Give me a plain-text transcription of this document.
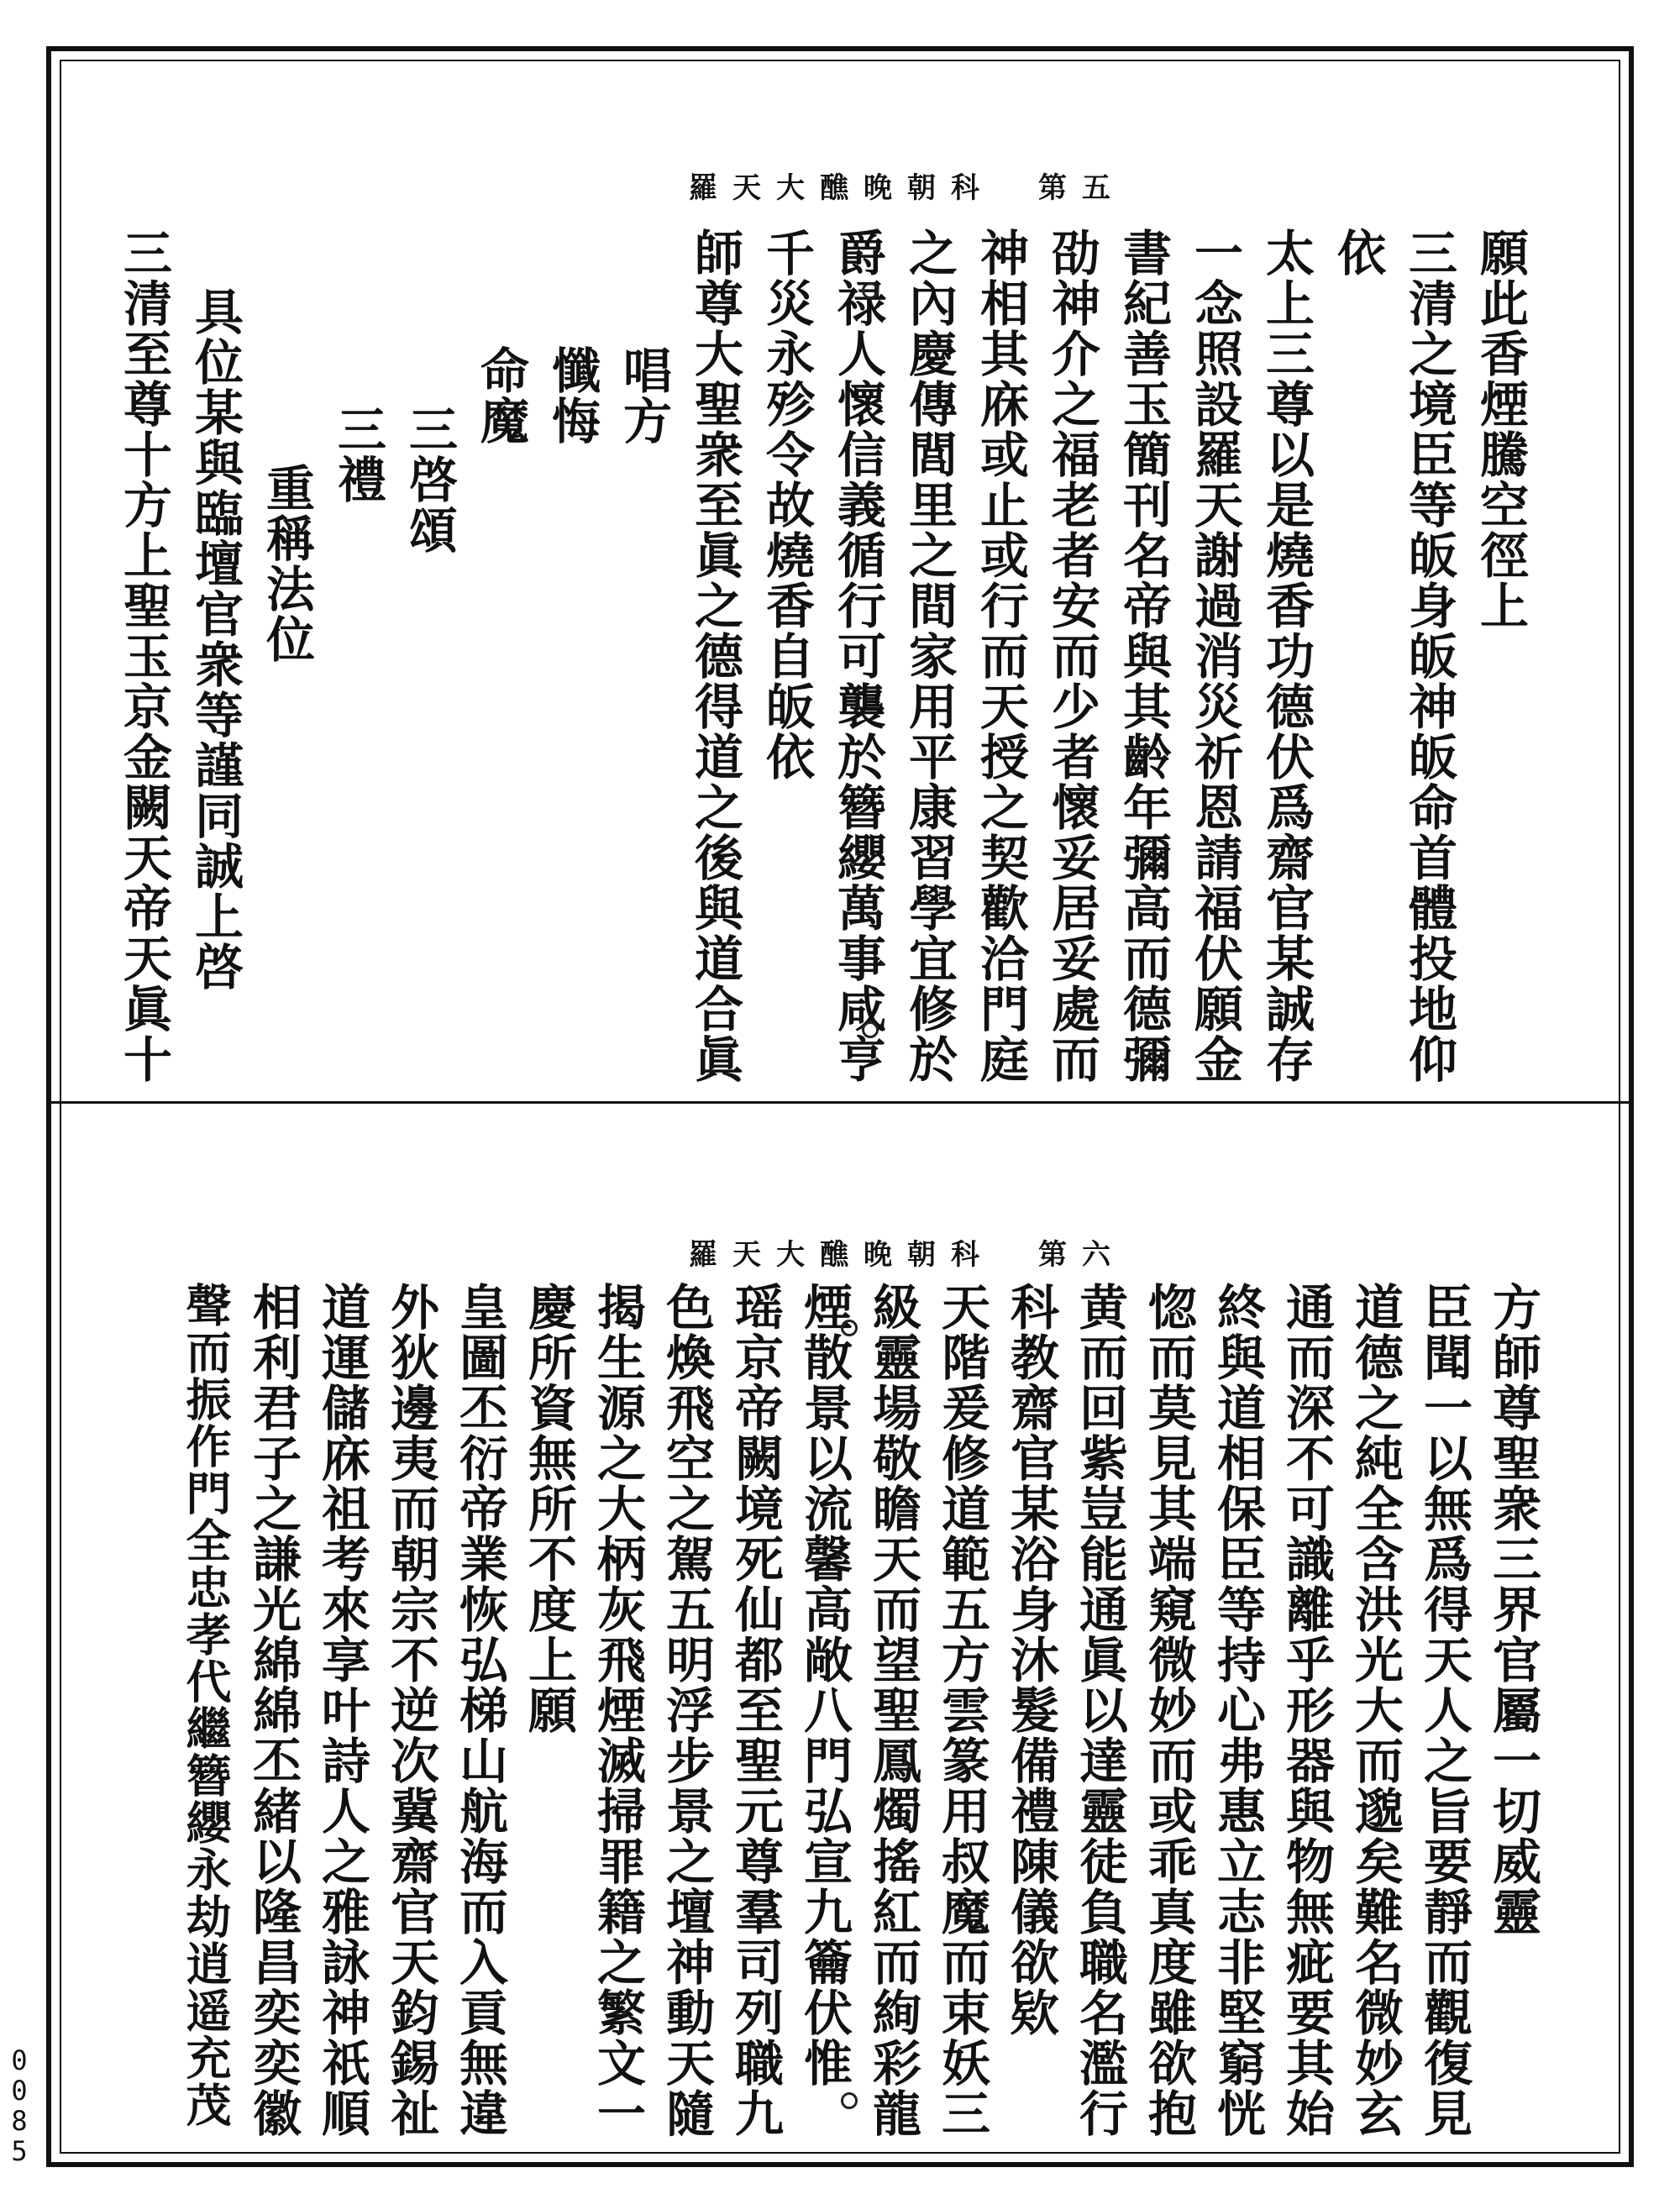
羅天大醮晚朝科　第五
願此香煙騰空徑上
三清之境臣等皈身皈神皈命首體投地仰
依
太上三尊以是燒香功德伏爲齋官某誠存
一念照設羅天謝過消災祈恩請福伏願金
書紀善玉簡刊名帝與其齡年彌高而德彌
劭神介之福老者安而少者懷妥居妥處而
神相其庥或止或行而天授之契歡洽門庭
之內慶傳閭里之間家用平康習學宜修於
爵禄人懷信義循行可襲於簪纓萬事咸亨
千災永殄令故燒香自皈依
師尊大聖衆至眞之德得道之後與道合眞
唱方
懺悔
命魔
三啓頌
三禮
重稱法位
具位某與臨壇官衆等謹同誠上啓
三清至尊十方上聖玉京金闕天帝天眞十
羅天大醮晚朝科　第六
方師尊聖衆三界官屬一切威靈
臣聞一以無爲得天人之旨要靜而觀復見
道德之純全含洪光大而邈矣難名微妙玄
通而深不可識離乎形器與物無疵要其始
終與道相保臣等持心弗惠立志非堅窮恍
惚而莫見其端窺微妙而或乖真度雖欲抱
黄而回紫豈能通眞以達靈徒負職名濫行
科教齋官某浴身沐髮備禮陳儀欲欵
天階爰修道範五方雲篆用叔魔而束妖三
級靈場敬瞻天而望聖鳳燭搖紅而絢彩龍
煙散景以流馨高敞八門弘宣九籥伏惟
瑶京帝闕境死仙都至聖元尊羣司列職九
色煥飛空之駕五明浮步景之壇神動天隨
揭生源之大柄灰飛煙滅掃罪籍之繁文一
慶所資無所不度上願
皇圖丕衍帝業恢弘梯山航海而入貢無違
外狄邊夷而朝宗不逆次冀齋官天鈞錫祉
道運儲庥祖考來享叶詩人之雅詠神祇順
相利君子之謙光綿綿丕緒以隆昌奕奕徽
聲而振作門全忠孝代繼簪纓永劫逍遥充茂
0
0
8
5
